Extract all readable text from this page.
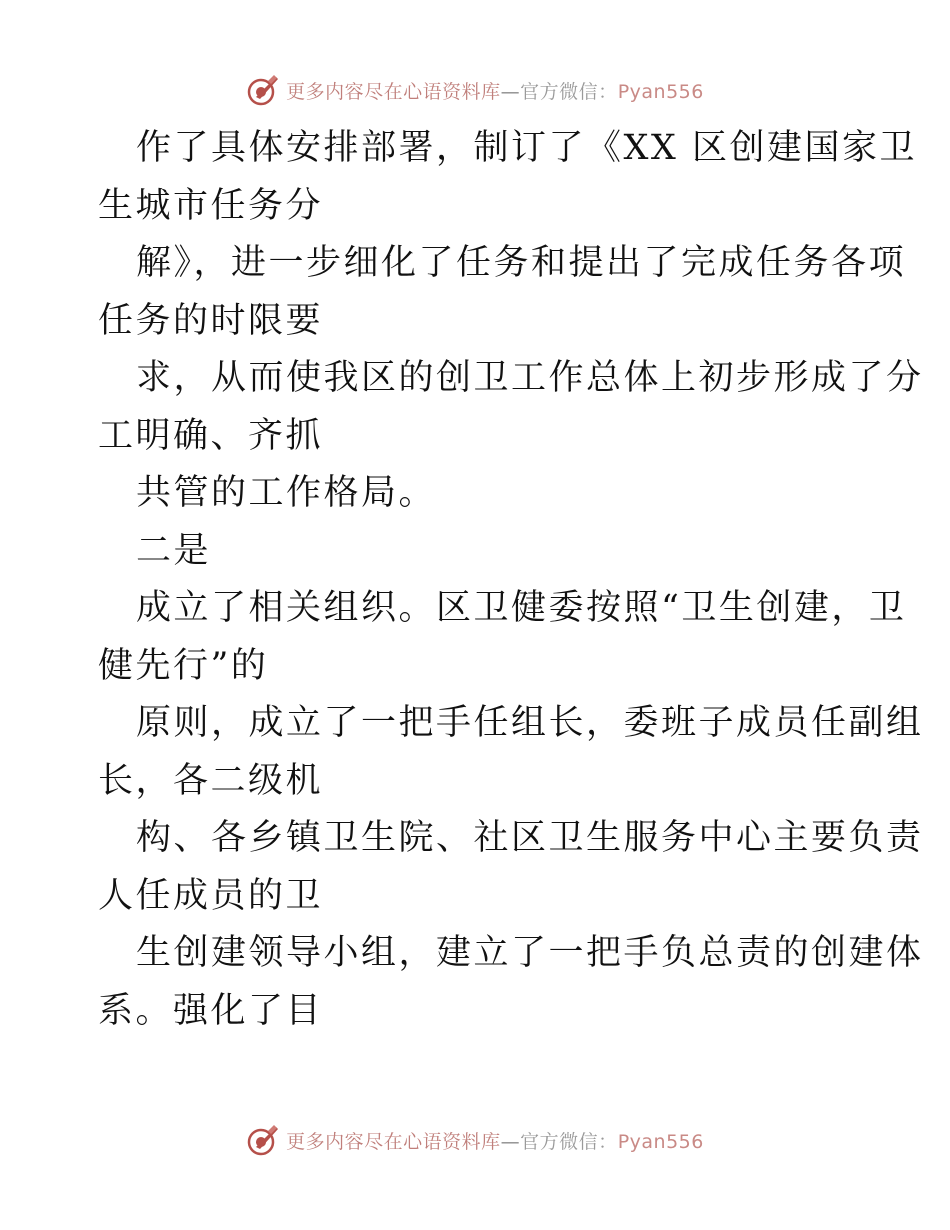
更多内容尽在心语资料库—官方微信：Pyan556
作了具体安排部署，制订了《XX 区创建国家卫
生城市任务分
解》，进一步细化了任务和提出了完成任务各项
任务的时限要
求，从而使我区的创卫工作总体上初步形成了分
工明确、齐抓
共管的工作格局。
二是
成立了相关组织。区卫健委按照“卫生创建，卫
健先行”的
原则，成立了一把手任组长，委班子成员任副组
长，各二级机
构、各乡镇卫生院、社区卫生服务中心主要负责
人任成员的卫
生创建领导小组，建立了一把手负总责的创建体
系。强化了目
更多内容尽在心语资料库—官方微信：Pyan556
